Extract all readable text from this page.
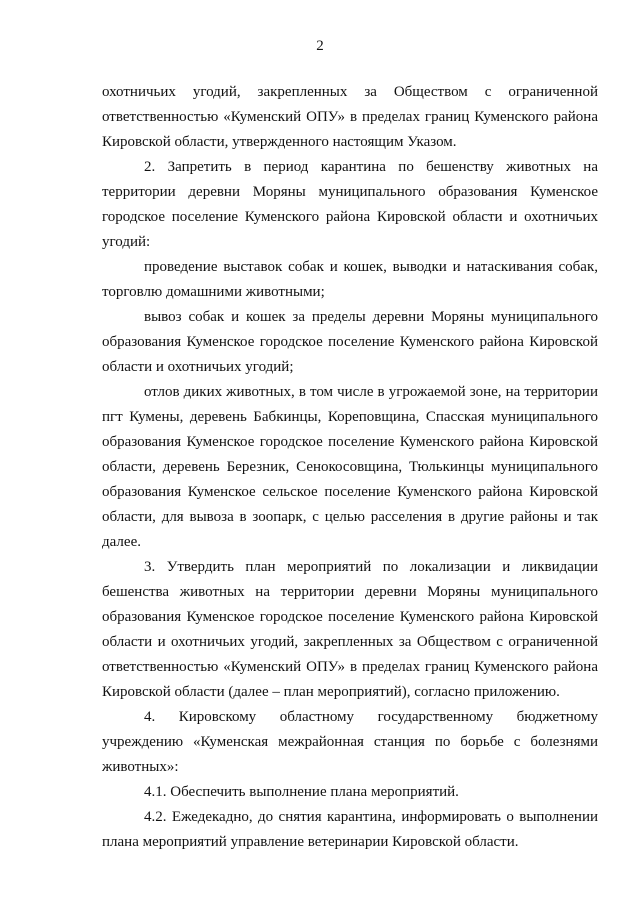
2

охотничьих угодий, закрепленных за Обществом с ограниченной ответственностью «Куменский ОПУ» в пределах границ Куменского района Кировской области, утвержденного настоящим Указом.

2. Запретить в период карантина по бешенству животных на территории деревни Моряны муниципального образования Куменское городское поселение Куменского района Кировской области и охотничьих угодий:

проведение выставок собак и кошек, выводки и натаскивания собак, торговлю домашними животными;

вывоз собак и кошек за пределы деревни Моряны муниципального образования Куменское городское поселение Куменского района Кировской области и охотничьих угодий;

отлов диких животных, в том числе в угрожаемой зоне, на территории пгт Кумены, деревень Бабкинцы, Кореповщина, Спасская муниципального образования Куменское городское поселение Куменского района Кировской области, деревень Березник, Сенокосовщина, Тюлькинцы муниципального образования Куменское сельское поселение Куменского района Кировской области, для вывоза в зоопарк, с целью расселения в другие районы и так далее.

3. Утвердить план мероприятий по локализации и ликвидации бешенства животных на территории деревни Моряны муниципального образования Куменское городское поселение Куменского района Кировской области и охотничьих угодий, закрепленных за Обществом с ограниченной ответственностью «Куменский ОПУ» в пределах границ Куменского района Кировской области (далее – план мероприятий), согласно приложению.

4. Кировскому областному государственному бюджетному учреждению «Куменская межрайонная станция по борьбе с болезнями животных»:

4.1. Обеспечить выполнение плана мероприятий.

4.2. Ежедекадно, до снятия карантина, информировать о выполнении плана мероприятий управление ветеринарии Кировской области.
